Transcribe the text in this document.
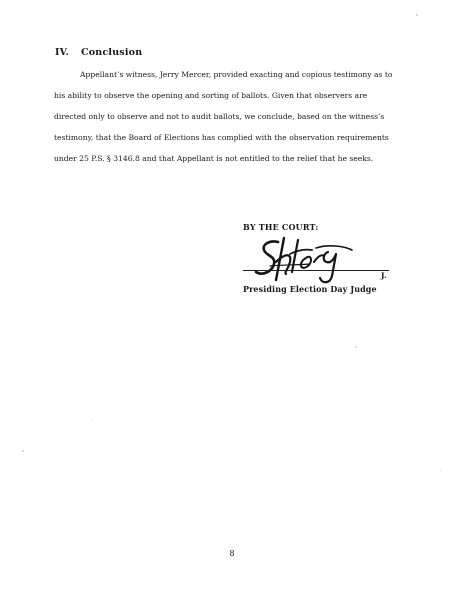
IV. Conclusion
Appellant’s witness, Jerry Mercer, provided exacting and copious testimony as to
his ability to observe the opening and sorting of ballots. Given that observers are
directed only to observe and not to audit ballots, we conclude, based on the witness’s
testimony, that the Board of Elections has complied with the observation requirements
under 25 P.S. § 3146.8 and that Appellant is not entitled to the relief that he seeks.
BY THE COURT:
J.
Presiding Election Day Judge
8
